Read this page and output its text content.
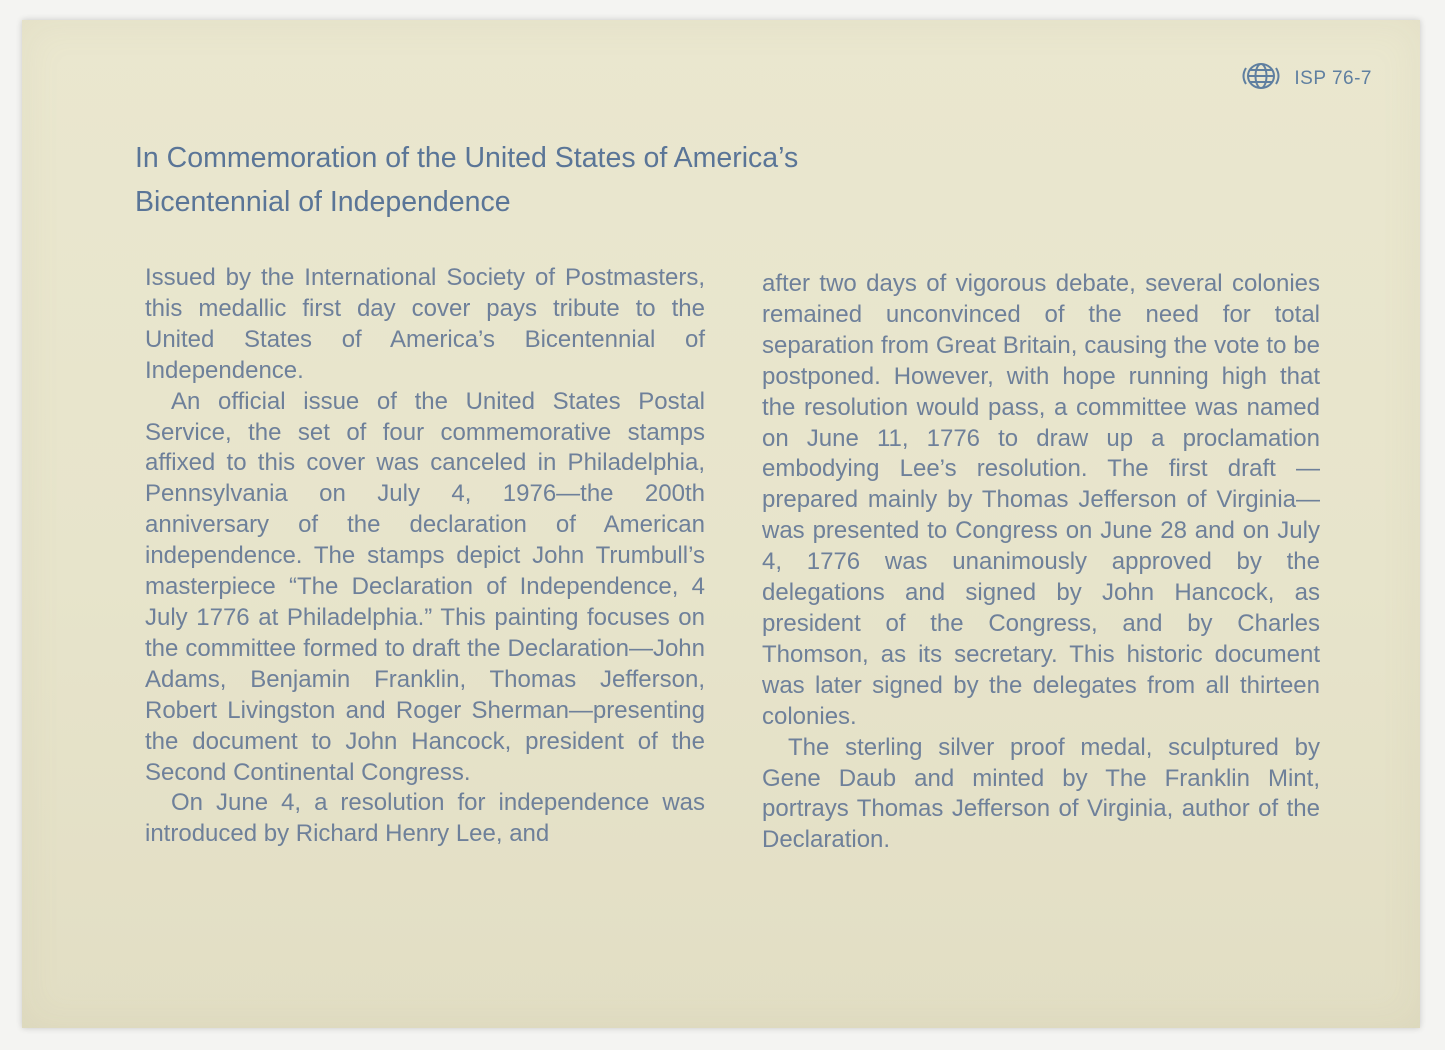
ISP 76-7
In Commemoration of the United States of America’s
Bicentennial of Independence

Issued by the International Society of Postmasters, this medallic first day cover pays tribute to the United States of America’s Bicentennial of Independence.

An official issue of the United States Postal Service, the set of four commemorative stamps affixed to this cover was canceled in Philadelphia, Pennsylvania on July 4, 1976—the 200th anniversary of the declaration of American independence. The stamps depict John Trumbull’s masterpiece “The Declaration of Independence, 4 July 1776 at Philadelphia.” This painting focuses on the committee formed to draft the Declaration—John Adams, Benjamin Franklin, Thomas Jefferson, Robert Livingston and Roger Sherman—presenting the document to John Hancock, president of the Second Continental Congress.

On June 4, a resolution for independence was introduced by Richard Henry Lee, and

after two days of vigorous debate, several colonies remained unconvinced of the need for total separation from Great Britain, causing the vote to be postponed. However, with hope running high that the resolution would pass, a committee was named on June 11, 1776 to draw up a proclamation embodying Lee’s resolution. The first draft —prepared mainly by Thomas Jefferson of Virginia—was presented to Congress on June 28 and on July 4, 1776 was unanimously approved by the delegations and signed by John Hancock, as president of the Congress, and by Charles Thomson, as its secretary. This historic document was later signed by the delegates from all thirteen colonies.

The sterling silver proof medal, sculptured by Gene Daub and minted by The Franklin Mint, portrays Thomas Jefferson of Virginia, author of the Declaration.
